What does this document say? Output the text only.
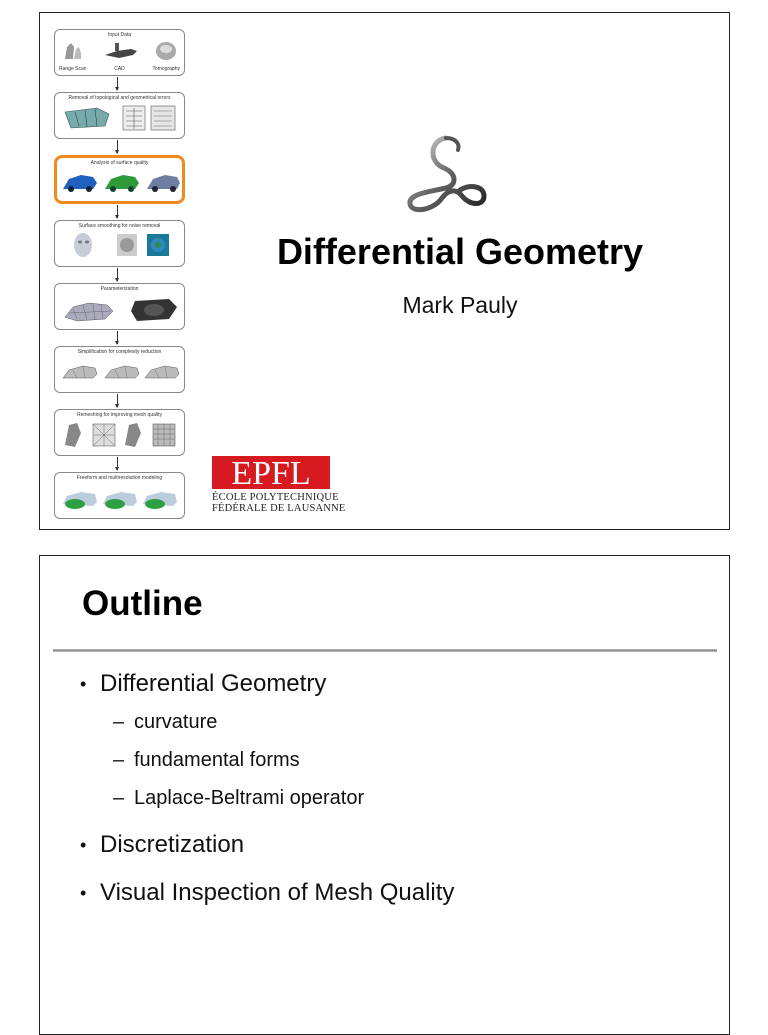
Input Data
Range Scan	CAD	Tomography
Removal of topological and geometrical errors
Analysis of surface quality
Surface smoothing for noise removal
Parameterization
Simplification for complexity reduction
Remeshing for improving mesh quality
Freeform and multiresolution modeling
Differential Geometry
Mark Pauly
EPFL
ÉCOLE POLYTECHNIQUE
FÉDÉRALE DE LAUSANNE
Outline
• Differential Geometry
– curvature
– fundamental forms
– Laplace-Beltrami operator
• Discretization
• Visual Inspection of Mesh Quality
